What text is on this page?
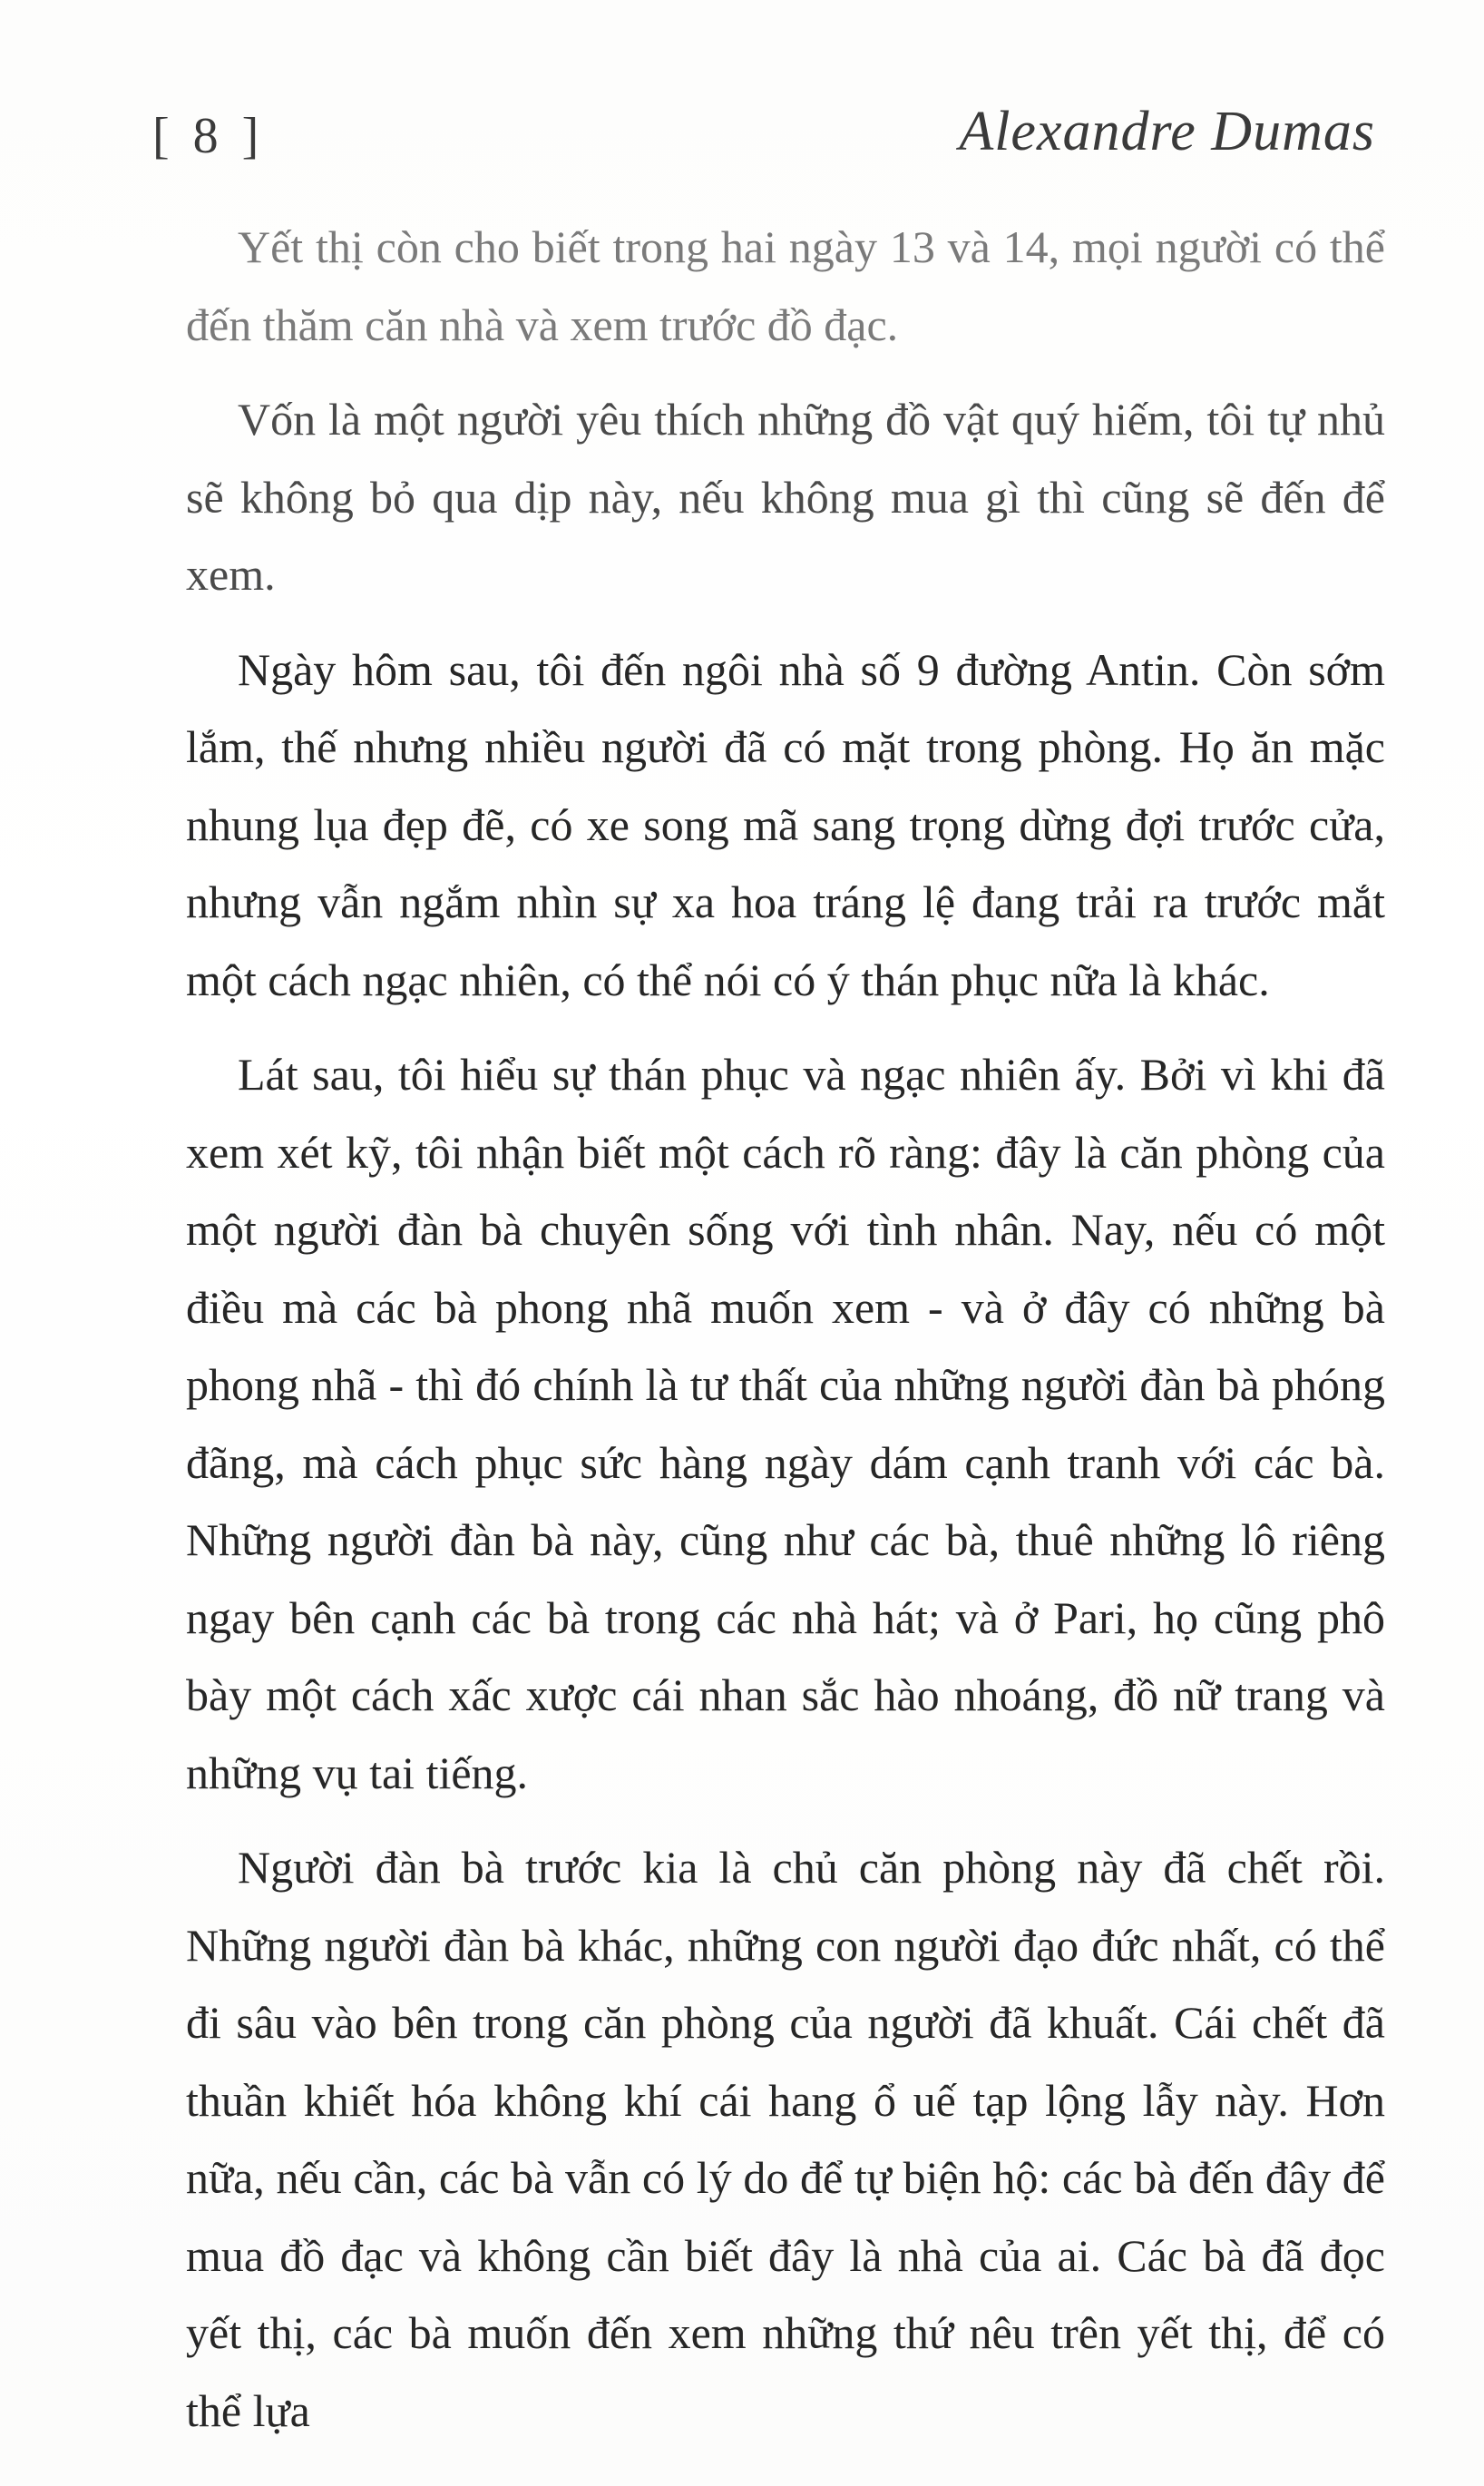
[ 8 ]	Alexandre Dumas

Yết thị còn cho biết trong hai ngày 13 và 14, mọi người có thể đến thăm căn nhà và xem trước đồ đạc.

Vốn là một người yêu thích những đồ vật quý hiếm, tôi tự nhủ sẽ không bỏ qua dịp này, nếu không mua gì thì cũng sẽ đến để xem.

Ngày hôm sau, tôi đến ngôi nhà số 9 đường Antin. Còn sớm lắm, thế nhưng nhiều người đã có mặt trong phòng. Họ ăn mặc nhung lụa đẹp đẽ, có xe song mã sang trọng dừng đợi trước cửa, nhưng vẫn ngắm nhìn sự xa hoa tráng lệ đang trải ra trước mắt một cách ngạc nhiên, có thể nói có ý thán phục nữa là khác.

Lát sau, tôi hiểu sự thán phục và ngạc nhiên ấy. Bởi vì khi đã xem xét kỹ, tôi nhận biết một cách rõ ràng: đây là căn phòng của một người đàn bà chuyên sống với tình nhân. Nay, nếu có một điều mà các bà phong nhã muốn xem - và ở đây có những bà phong nhã - thì đó chính là tư thất của những người đàn bà phóng đãng, mà cách phục sức hàng ngày dám cạnh tranh với các bà. Những người đàn bà này, cũng như các bà, thuê những lô riêng ngay bên cạnh các bà trong các nhà hát; và ở Pari, họ cũng phô bày một cách xấc xược cái nhan sắc hào nhoáng, đồ nữ trang và những vụ tai tiếng.

Người đàn bà trước kia là chủ căn phòng này đã chết rồi. Những người đàn bà khác, những con người đạo đức nhất, có thể đi sâu vào bên trong căn phòng của người đã khuất. Cái chết đã thuần khiết hóa không khí cái hang ổ uế tạp lộng lẫy này. Hơn nữa, nếu cần, các bà vẫn có lý do để tự biện hộ: các bà đến đây để mua đồ đạc và không cần biết đây là nhà của ai. Các bà đã đọc yết thị, các bà muốn đến xem những thứ nêu trên yết thị, để có thể lựa
